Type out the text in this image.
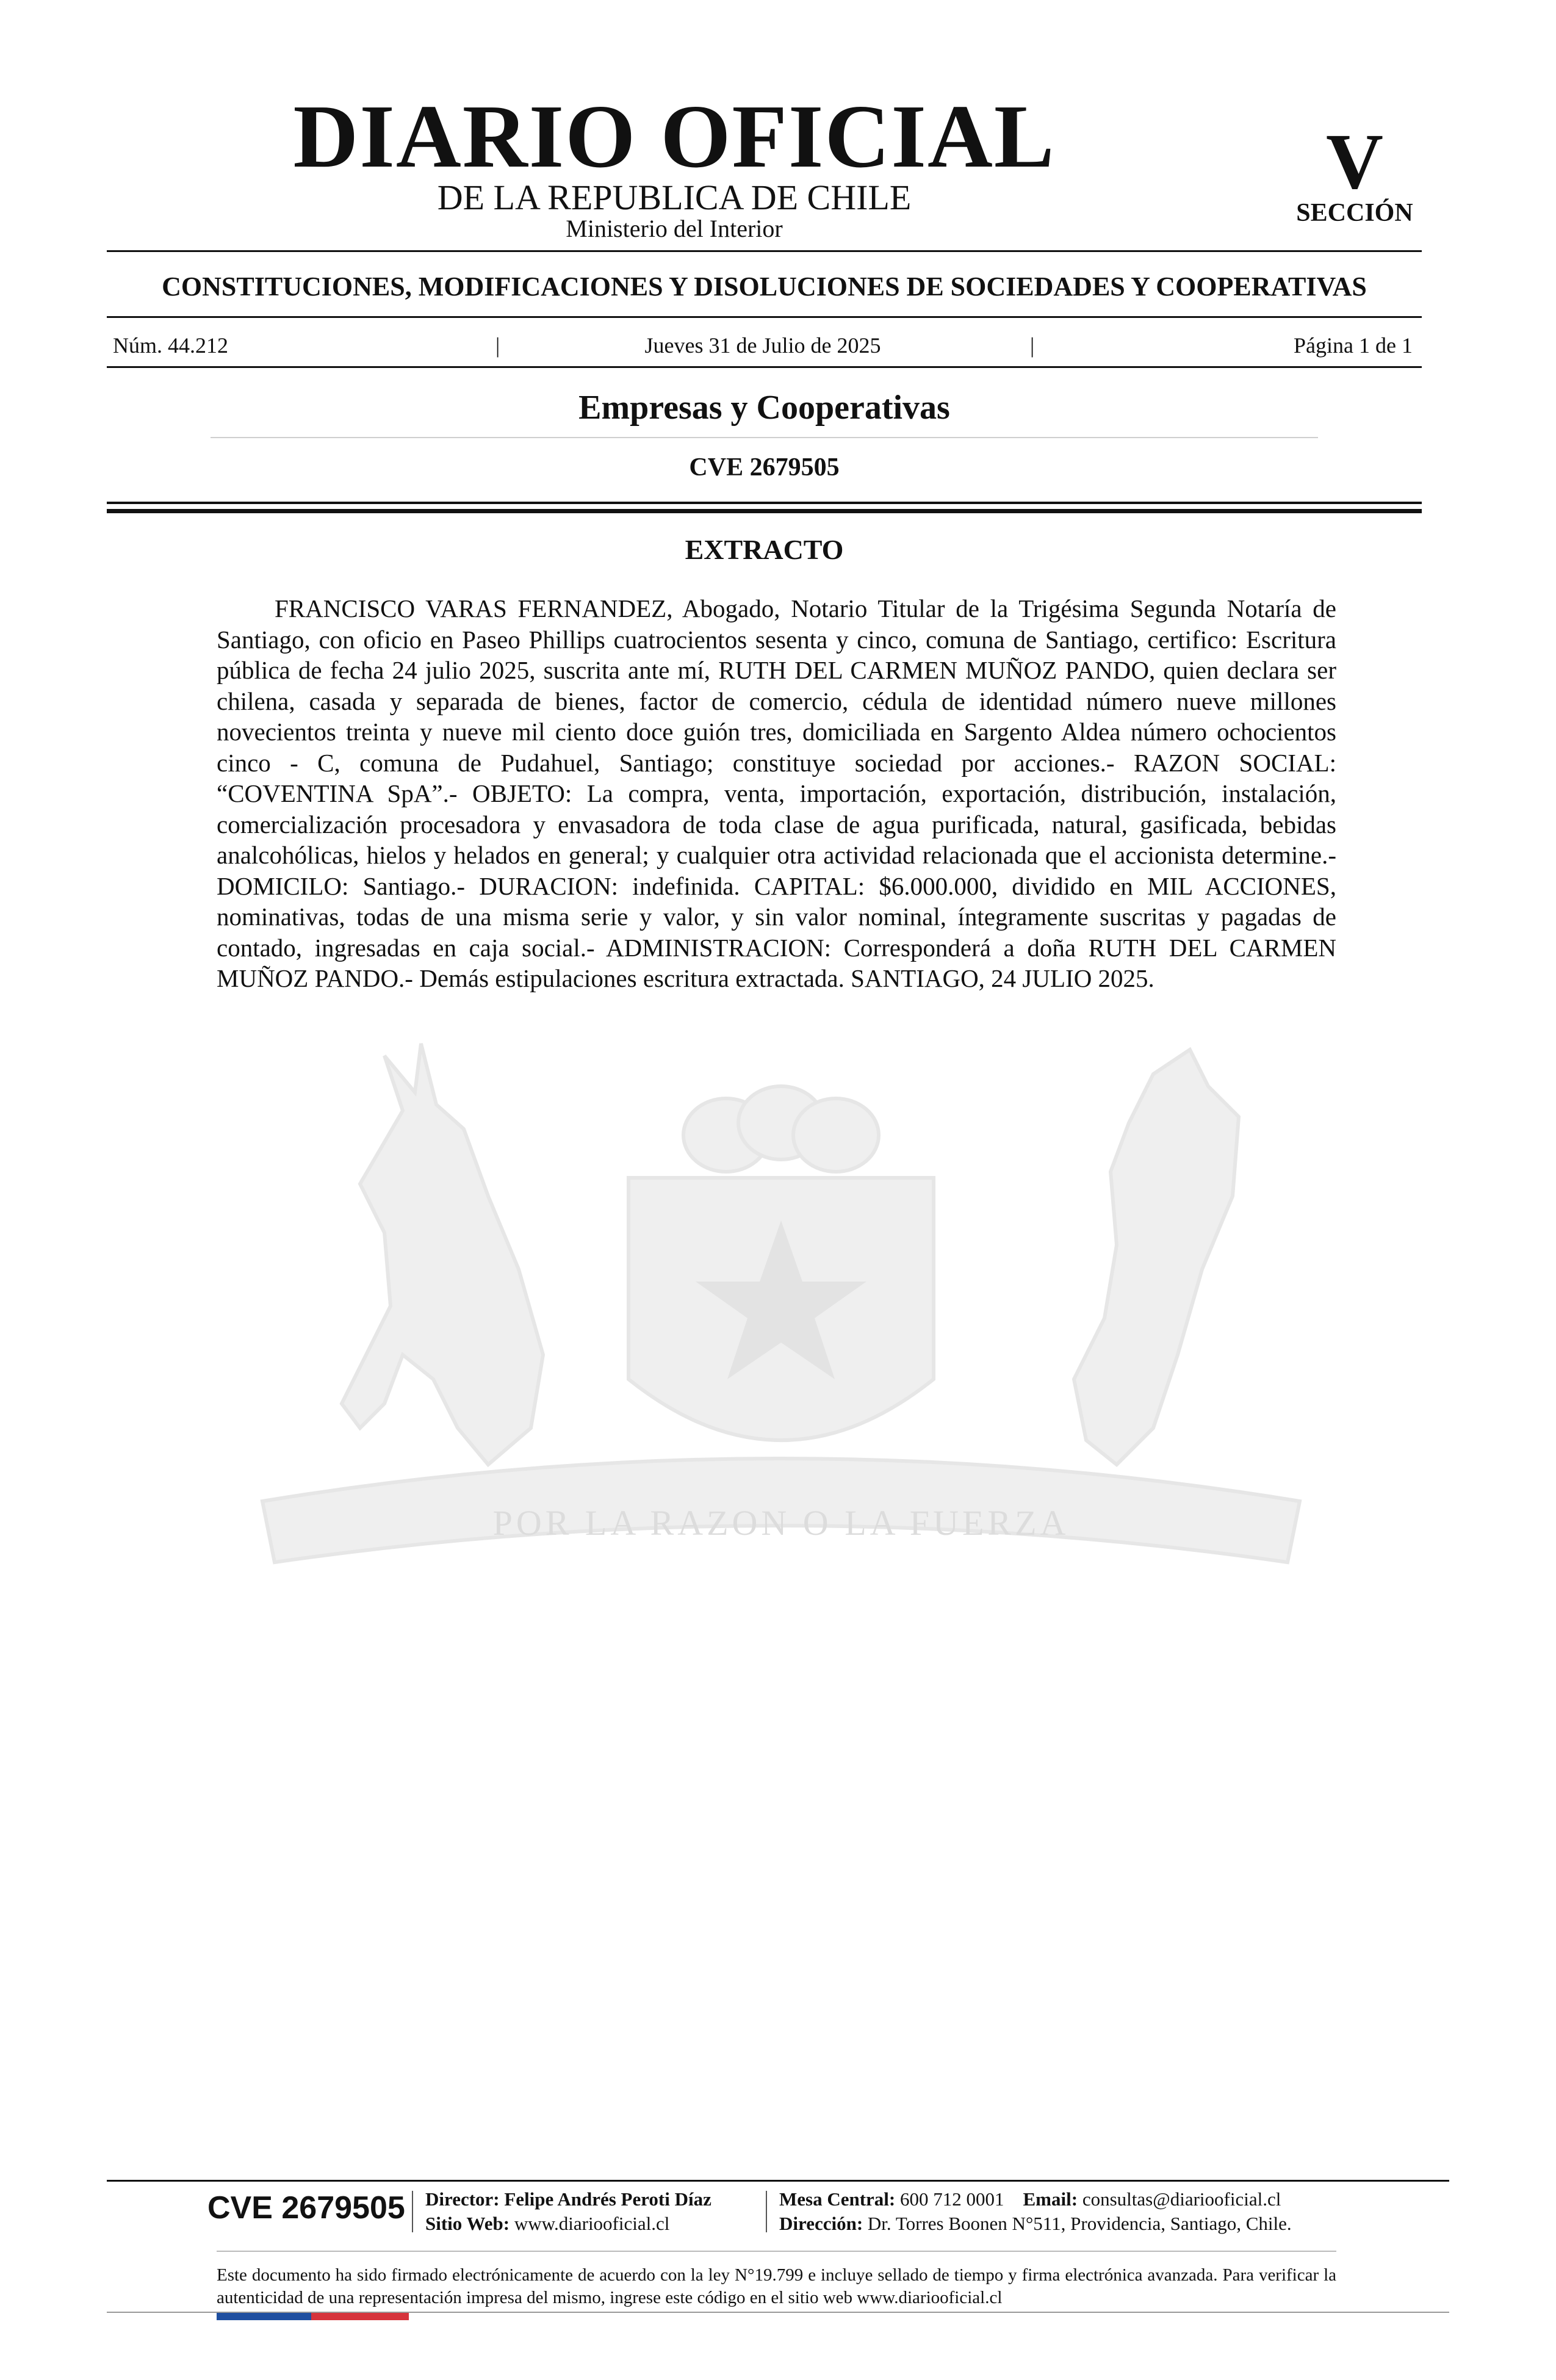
POR LA RAZON O LA FUERZA
DIARIO OFICIAL
DE LA REPUBLICA DE CHILE
Ministerio del Interior
V
SECCIÓN
CONSTITUCIONES, MODIFICACIONES Y DISOLUCIONES DE SOCIEDADES Y COOPERATIVAS
Núm. 44.212	|	Jueves 31 de Julio de 2025	|	Página 1 de 1
Empresas y Cooperativas
CVE 2679505
EXTRACTO

FRANCISCO VARAS FERNANDEZ, Abogado, Notario Titular de la Trigésima Segunda Notaría de Santiago, con oficio en Paseo Phillips cuatrocientos sesenta y cinco, comuna de Santiago, certifico: Escritura pública de fecha 24 julio 2025, suscrita ante mí, RUTH DEL CARMEN MUÑOZ PANDO, quien declara ser chilena, casada y separada de bienes, factor de comercio, cédula de identidad número nueve millones novecientos treinta y nueve mil ciento doce guión tres, domiciliada en Sargento Aldea número ochocientos cinco - C, comuna de Pudahuel, Santiago; constituye sociedad por acciones.- RAZON SOCIAL: “COVENTINA SpA”.- OBJETO: La compra, venta, importación, exportación, distribución, instalación, comercialización procesadora y envasadora de toda clase de agua purificada, natural, gasificada, bebidas analcohólicas, hielos y helados en general; y cualquier otra actividad relacionada que el accionista determine.- DOMICILO: Santiago.- DURACION: indefinida. CAPITAL: $6.000.000, dividido en MIL ACCIONES, nominativas, todas de una misma serie y valor, y sin valor nominal, íntegramente suscritas y pagadas de contado, ingresadas en caja social.- ADMINISTRACION: Corresponderá a doña RUTH DEL CARMEN MUÑOZ PANDO.- Demás estipulaciones escritura extractada. SANTIAGO, 24 JULIO 2025.

CVE 2679505 Director: Felipe Andrés Peroti Díaz
Sitio Web: www.diariooficial.cl
Mesa Central: 600 712 0001 Email: consultas@diariooficial.cl
Dirección: Dr. Torres Boonen N°511, Providencia, Santiago, Chile.

Este documento ha sido firmado electrónicamente de acuerdo con la ley N°19.799 e incluye sellado de tiempo y firma electrónica avanzada. Para verificar la autenticidad de una representación impresa del mismo, ingrese este código en el sitio web www.diariooficial.cl
